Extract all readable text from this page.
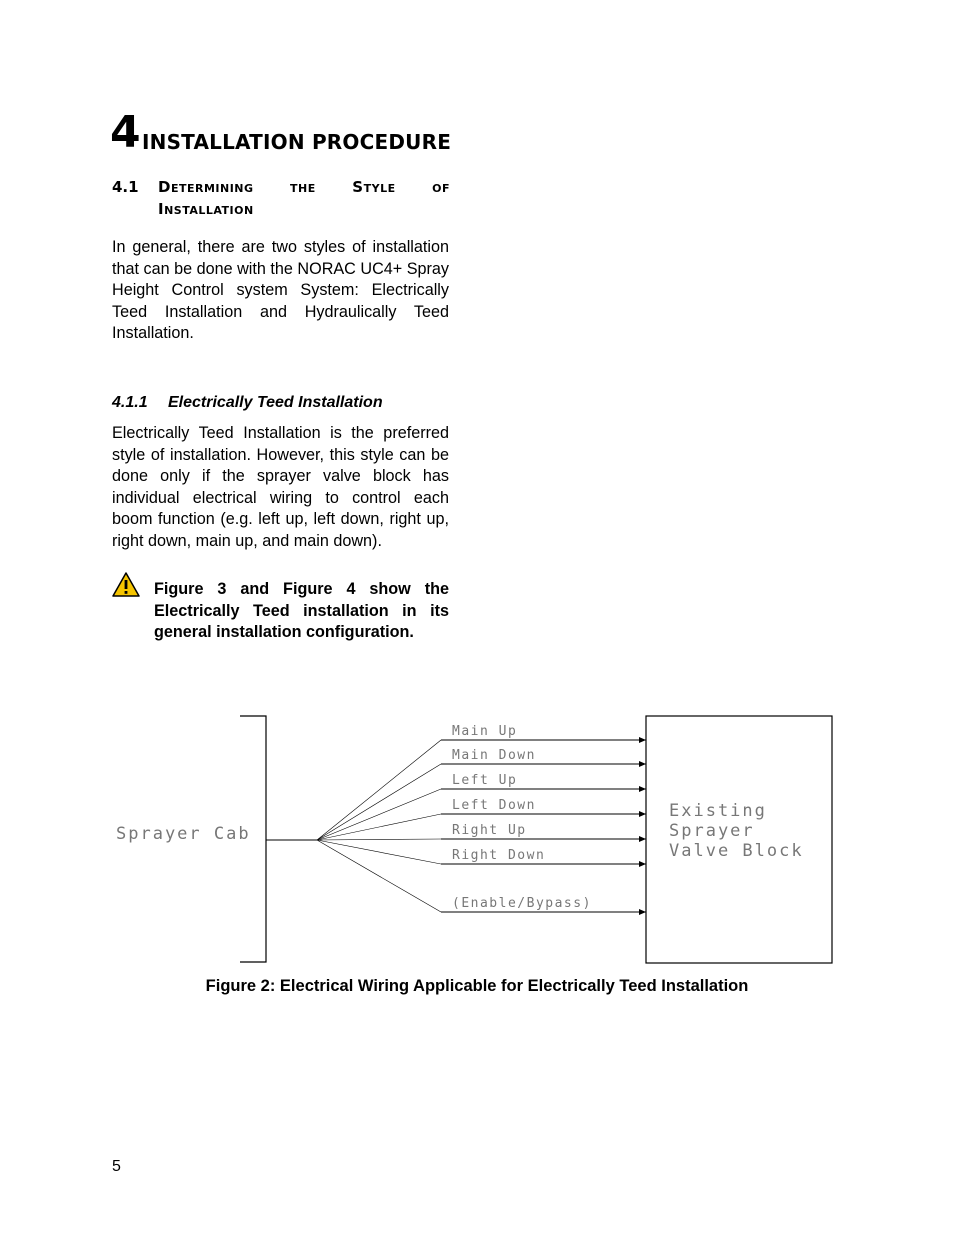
4 INSTALLATION PROCEDURE
4.1 Determining the Style of
Installation
In general, there are two styles of installation that can be done with the NORAC UC4+ Spray Height Control system System: Electrically Teed Installation and Hydraulically Teed Installation.
4.1.1 Electrically Teed Installation
Electrically Teed Installation is the preferred style of installation. However, this style can be done only if the sprayer valve block has individual electrical wiring to control each boom function (e.g. left up, left down, right up, right down, main up, and main down).
Figure 3 and Figure 4 show the Electrically Teed installation in its general installation configuration.
Sprayer Cab
Existing
Sprayer
Valve Block
Main Up
Main Down
Left Up
Left Down
Right Up
Right Down
(Enable/Bypass)
Figure 2: Electrical Wiring Applicable for Electrically Teed Installation
5
